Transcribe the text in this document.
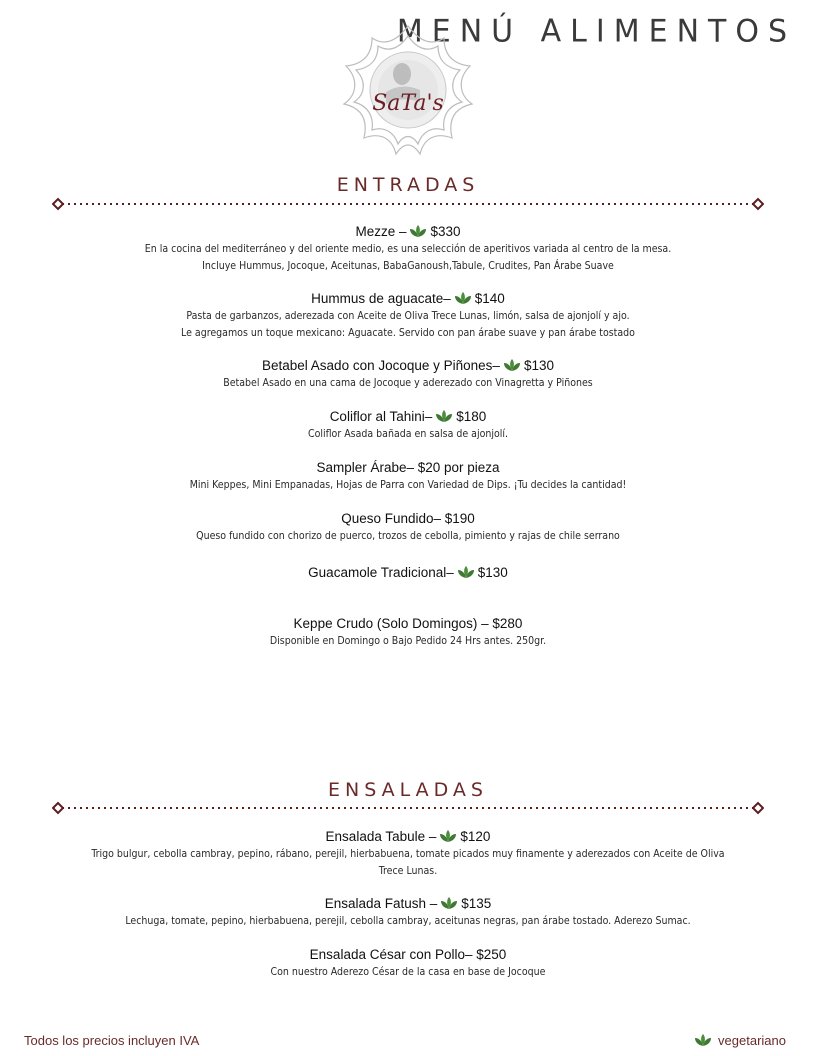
MENÚ ALIMENTOS
SaTa's
ENTRADAS
Mezze – $330
En la cocina del mediterráneo y del oriente medio, es una selección de aperitivos variada al centro de la mesa.
Incluye Hummus, Jocoque, Aceitunas, BabaGanoush,Tabule, Crudites, Pan Árabe Suave
Hummus de aguacate– $140
Pasta de garbanzos, aderezada con Aceite de Oliva Trece Lunas, limón, salsa de ajonjolí y ajo.
Le agregamos un toque mexicano: Aguacate. Servido con pan árabe suave y pan árabe tostado
Betabel Asado con Jocoque y Piñones– $130
Betabel Asado en una cama de Jocoque y aderezado con Vinagretta y Piñones
Coliflor al Tahini– $180
Coliflor Asada bañada en salsa de ajonjolí.
Sampler Árabe– $20 por pieza
Mini Keppes, Mini Empanadas, Hojas de Parra con Variedad de Dips. ¡Tu decides la cantidad!
Queso Fundido– $190
Queso fundido con chorizo de puerco, trozos de cebolla, pimiento y rajas de chile serrano
Guacamole Tradicional– $130
Keppe Crudo (Solo Domingos) – $280
Disponible en Domingo o Bajo Pedido 24 Hrs antes. 250gr.
ENSALADAS
Ensalada Tabule – $120
Trigo bulgur, cebolla cambray, pepino, rábano, perejil, hierbabuena, tomate picados muy finamente y aderezados con Aceite de Oliva
Trece Lunas.
Ensalada Fatush – $135
Lechuga, tomate, pepino, hierbabuena, perejil, cebolla cambray, aceitunas negras, pan árabe tostado. Aderezo Sumac.
Ensalada César con Pollo– $250
Con nuestro Aderezo César de la casa en base de Jocoque
Todos los precios incluyen IVA	vegetariano
